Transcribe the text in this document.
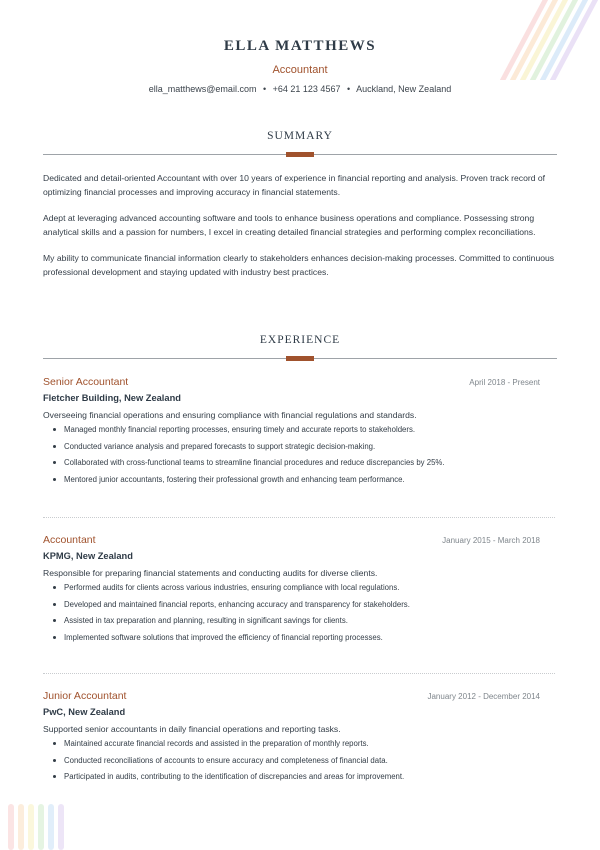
ELLA MATTHEWS
Accountant
ella_matthews@email.com • +64 21 123 4567 • Auckland, New Zealand
SUMMARY

Dedicated and detail-oriented Accountant with over 10 years of experience in financial reporting and analysis. Proven track record of optimizing financial processes and improving accuracy in financial statements.

Adept at leveraging advanced accounting software and tools to enhance business operations and compliance. Possessing strong analytical skills and a passion for numbers, I excel in creating detailed financial strategies and performing complex reconciliations.

My ability to communicate financial information clearly to stakeholders enhances decision-making processes. Committed to continuous professional development and staying updated with industry best practices.

EXPERIENCE
Senior Accountant	April 2018 - Present
Fletcher Building, New Zealand
Overseeing financial operations and ensuring compliance with financial regulations and standards.
Managed monthly financial reporting processes, ensuring timely and accurate reports to stakeholders.
Conducted variance analysis and prepared forecasts to support strategic decision-making.
Collaborated with cross-functional teams to streamline financial procedures and reduce discrepancies by 25%.
Mentored junior accountants, fostering their professional growth and enhancing team performance.
Accountant	January 2015 - March 2018
KPMG, New Zealand
Responsible for preparing financial statements and conducting audits for diverse clients.
Performed audits for clients across various industries, ensuring compliance with local regulations.
Developed and maintained financial reports, enhancing accuracy and transparency for stakeholders.
Assisted in tax preparation and planning, resulting in significant savings for clients.
Implemented software solutions that improved the efficiency of financial reporting processes.
Junior Accountant	January 2012 - December 2014
PwC, New Zealand
Supported senior accountants in daily financial operations and reporting tasks.
Maintained accurate financial records and assisted in the preparation of monthly reports.
Conducted reconciliations of accounts to ensure accuracy and completeness of financial data.
Participated in audits, contributing to the identification of discrepancies and areas for improvement.
